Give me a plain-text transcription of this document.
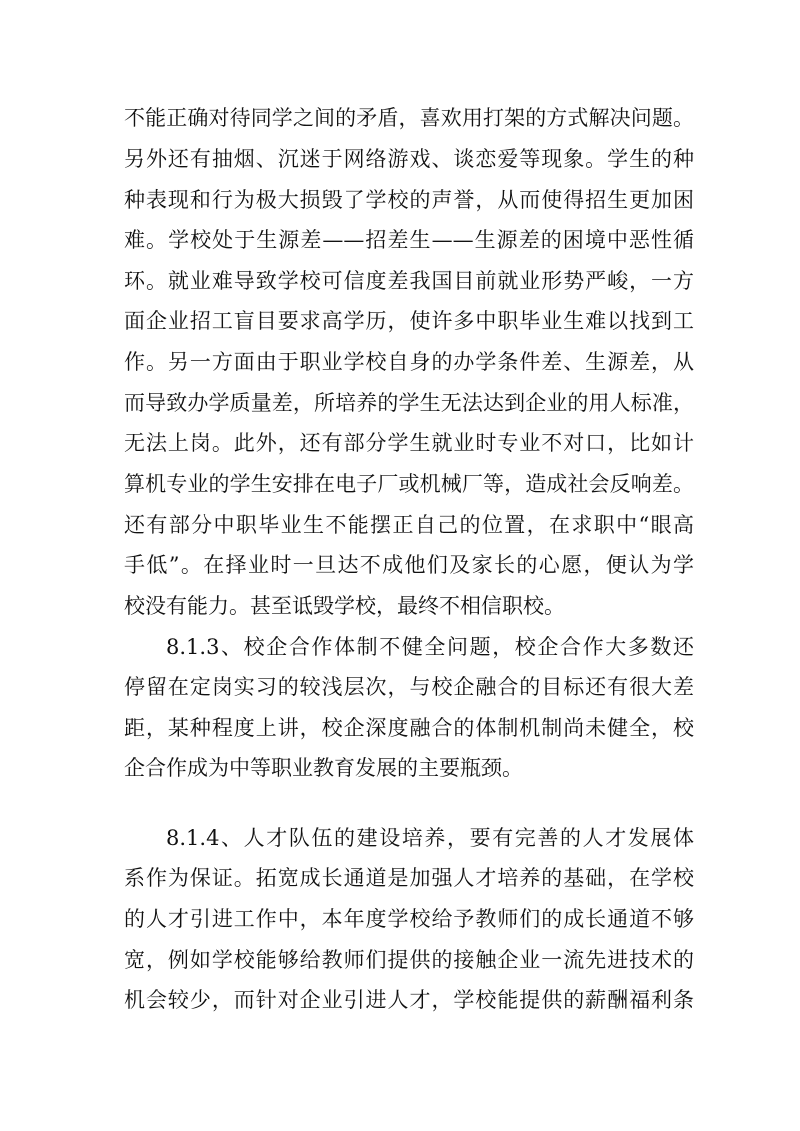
不能正确对待同学之间的矛盾，喜欢用打架的方式解决问题。

另外还有抽烟、沉迷于网络游戏、谈恋爱等现象。学生的种

种表现和行为极大损毁了学校的声誉，从而使得招生更加困

难。学校处于生源差——招差生——生源差的困境中恶性循

环。就业难导致学校可信度差我国目前就业形势严峻，一方

面企业招工盲目要求高学历，使许多中职毕业生难以找到工

作。另一方面由于职业学校自身的办学条件差、生源差，从

而导致办学质量差，所培养的学生无法达到企业的用人标准，

无法上岗。此外，还有部分学生就业时专业不对口，比如计

算机专业的学生安排在电子厂或机械厂等，造成社会反响差。

还有部分中职毕业生不能摆正自己的位置，在求职中“眼高

手低”。在择业时一旦达不成他们及家长的心愿，便认为学

校没有能力。甚至诋毁学校，最终不相信职校。

8.1.3、校企合作体制不健全问题，校企合作大多数还

停留在定岗实习的较浅层次，与校企融合的目标还有很大差

距，某种程度上讲，校企深度融合的体制机制尚未健全，校

企合作成为中等职业教育发展的主要瓶颈。

8.1.4、人才队伍的建设培养，要有完善的人才发展体

系作为保证。拓宽成长通道是加强人才培养的基础，在学校

的人才引进工作中，本年度学校给予教师们的成长通道不够

宽，例如学校能够给教师们提供的接触企业一流先进技术的

机会较少，而针对企业引进人才，学校能提供的薪酬福利条
